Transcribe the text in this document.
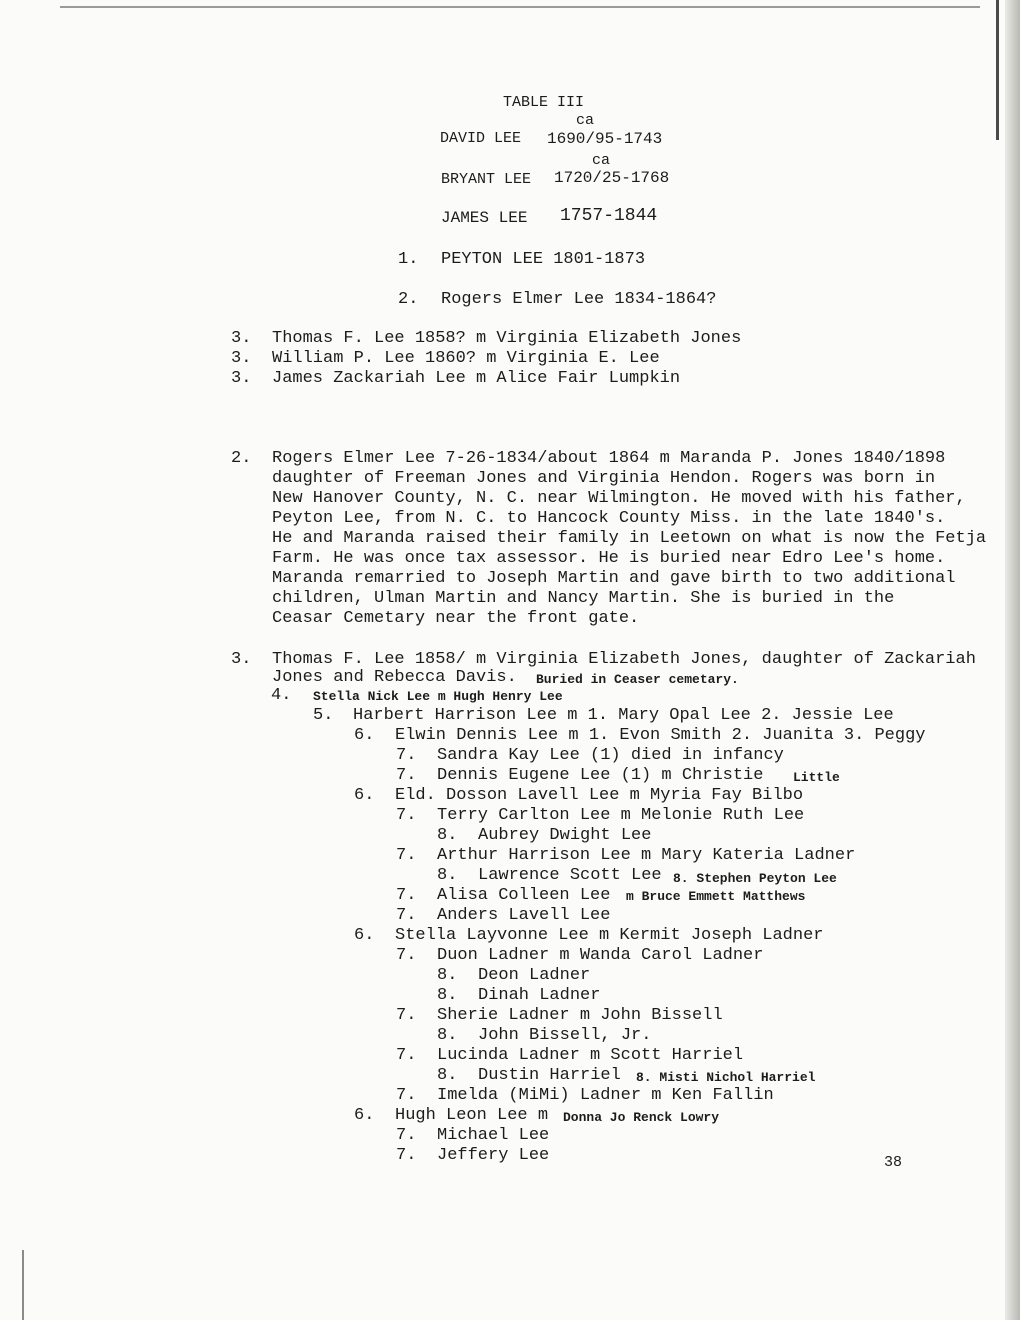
TABLE III
ca
DAVID LEE 1690/95-1743
ca
BRYANT LEE 1720/25-1768
JAMES LEE 1757-1844
1. PEYTON LEE 1801-1873
2. Rogers Elmer Lee 1834-1864?
3. Thomas F. Lee 1858? m Virginia Elizabeth Jones
3. William P. Lee 1860? m Virginia E. Lee
3. James Zackariah Lee m Alice Fair Lumpkin
2. Rogers Elmer Lee 7-26-1834/about 1864 m Maranda P. Jones 1840/1898
daughter of Freeman Jones and Virginia Hendon. Rogers was born in
New Hanover County, N. C. near Wilmington. He moved with his father,
Peyton Lee, from N. C. to Hancock County Miss. in the late 1840's.
He and Maranda raised their family in Leetown on what is now the Fetja
Farm. He was once tax assessor. He is buried near Edro Lee's home.
Maranda remarried to Joseph Martin and gave birth to two additional
children, Ulman Martin and Nancy Martin. She is buried in the
Ceasar Cemetary near the front gate.
3. Thomas F. Lee 1858/ m Virginia Elizabeth Jones, daughter of Zackariah
Jones and Rebecca Davis. Buried in Ceaser cemetary.
4. Stella Nick Lee m Hugh Henry Lee
5. Harbert Harrison Lee m 1. Mary Opal Lee 2. Jessie Lee
6. Elwin Dennis Lee m 1. Evon Smith 2. Juanita 3. Peggy
7. Sandra Kay Lee (1) died in infancy
7. Dennis Eugene Lee (1) m Christie Little
6. Eld. Dosson Lavell Lee m Myria Fay Bilbo
7. Terry Carlton Lee m Melonie Ruth Lee
8. Aubrey Dwight Lee
7. Arthur Harrison Lee m Mary Kateria Ladner
8. Lawrence Scott Lee 8. Stephen Peyton Lee
7. Alisa Colleen Lee m Bruce Emmett Matthews
7. Anders Lavell Lee
6. Stella Layvonne Lee m Kermit Joseph Ladner
7. Duon Ladner m Wanda Carol Ladner
8. Deon Ladner
8. Dinah Ladner
7. Sherie Ladner m John Bissell
8. John Bissell, Jr.
7. Lucinda Ladner m Scott Harriel
8. Dustin Harriel 8. Misti Nichol Harriel
7. Imelda (MiMi) Ladner m Ken Fallin
6. Hugh Leon Lee m Donna Jo Renck Lowry
7. Michael Lee
7. Jeffery Lee	38
